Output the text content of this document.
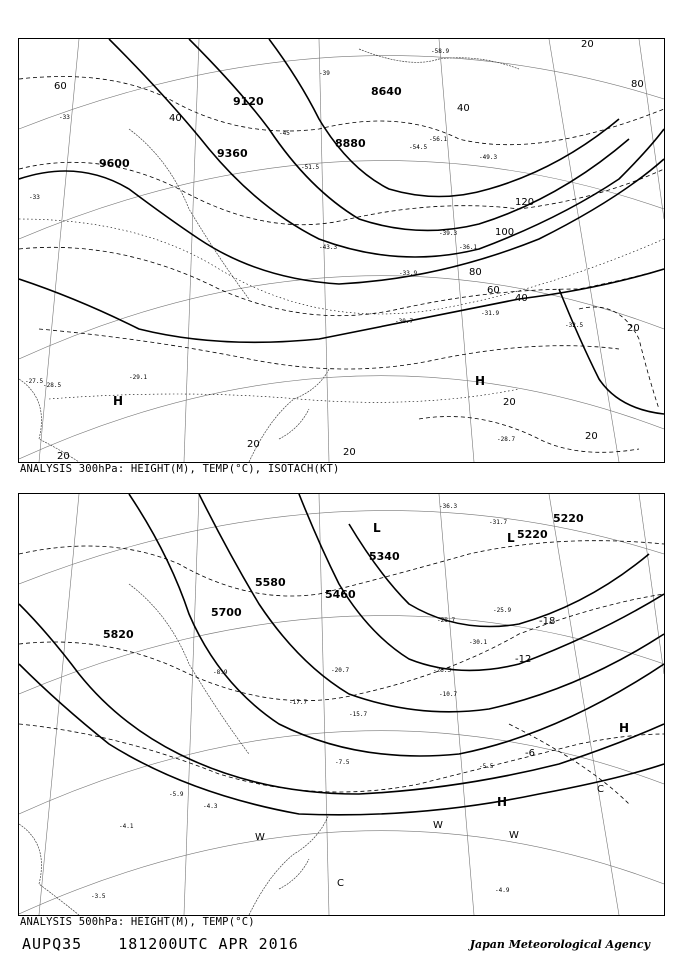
9600
9360
9120
8880
8640
60
40
40
100
120
80
60
40
20
20
20
20
20
20
20
80
H
H
-33
-33
-39
-45
-51.5
-56.1
-58.9
-54.5
-49.3
-43.3
-39.3
-36.1
-33.9
-31.9
-30.7
-28.7
-29.1
-27.5
-28.5
-32.5
ANALYSIS 300hPa: HEIGHT(M), TEMP(°C), ISOTACH(KT)
5820
5700
5580
5460
5340
5220
5220
-18
-12
-6
L
L
H
H
C
C
W
W
W
-36.3
-31.7
-30.1
-28.7
-25.9
-23.3
-20.7
-17.7
-15.7
-10.7
-8.9
-7.5
-5.5
-5.9
-4.3
-4.1
-3.5
-4.9
ANALYSIS 500hPa: HEIGHT(M), TEMP(°C)
AUPQ35 181200UTC APR 2016	Japan Meteorological Agency
